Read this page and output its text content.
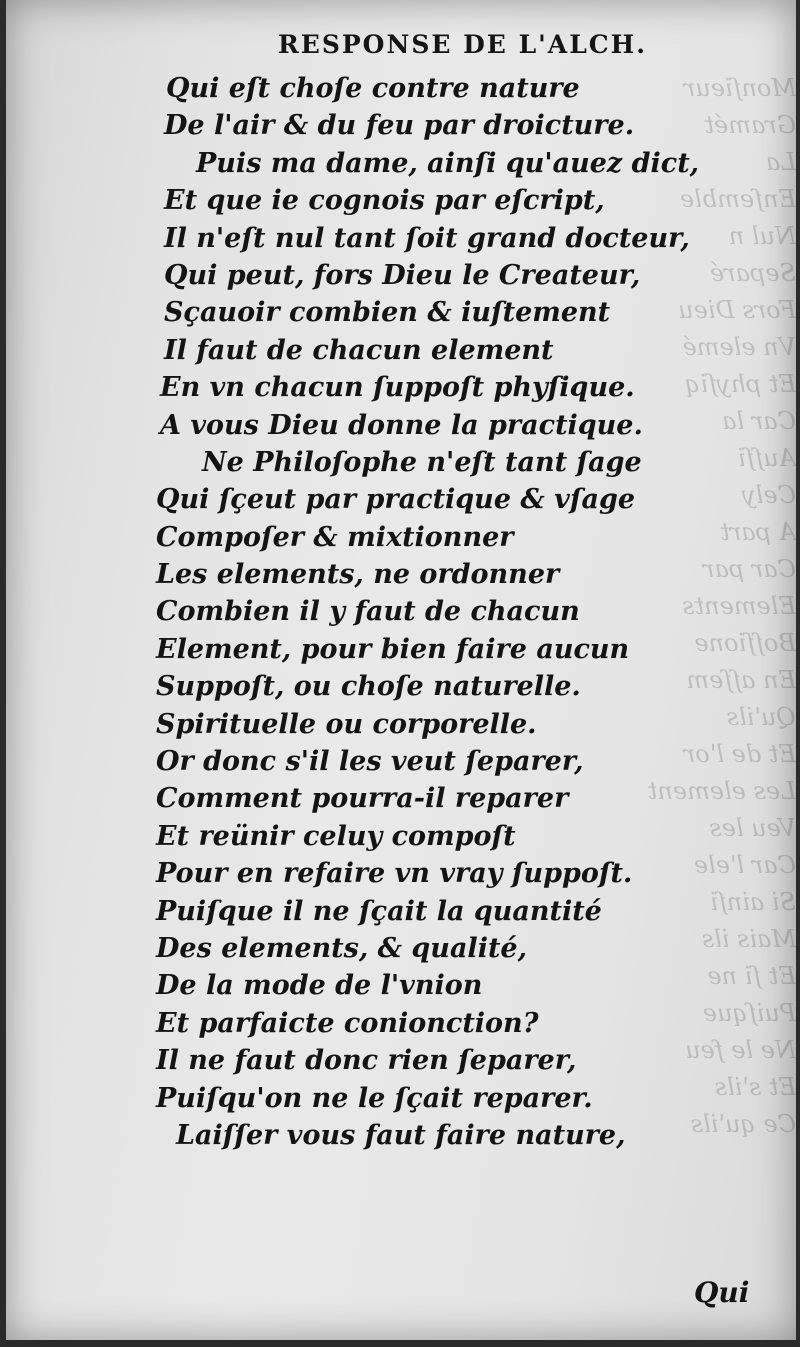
Monſieur
Gramét
La
Enſemble
Nul n
Separé
Fors Dieu
Vn elemé
Et phyſiq
Car la
Auſſi
Cely
A part
Car par
Elements
Boſſione
En aſſem
Qu'ils
Et de l'or
Les element
Veu les
Car l'ele
Si ainſi
Mais ils
Et ſi ne
Puiſque
Ne le feu
Et s'ils
Ce qu'ils
RESPONSE DE L'ALCH.
Qui eſt choſe contre nature
De l'air & du feu par droicture.
Puis ma dame, ainſi qu'auez dict,
Et que ie cognois par eſcript,
Il n'eſt nul tant ſoit grand docteur,
Qui peut, fors Dieu le Createur,
Sçauoir combien & iuſtement
Il faut de chacun element
En vn chacun ſuppoſt phyſique.
A vous Dieu donne la practique.
Ne Philoſophe n'eſt tant ſage
Qui ſçeut par practique & vſage
Compoſer & mixtionner
Les elements, ne ordonner
Combien il y faut de chacun
Element, pour bien faire aucun
Suppoſt, ou choſe naturelle.
Spirituelle ou corporelle.
Or donc s'il les veut ſeparer,
Comment pourra-il reparer
Et reünir celuy compoſt
Pour en refaire vn vray ſuppoſt.
Puiſque il ne ſçait la quantité
Des elements, & qualité,
De la mode de l'vnion
Et parfaicte conionction?
Il ne faut donc rien ſeparer,
Puiſqu'on ne le ſçait reparer.
Laiſſer vous faut faire nature,
Qui
